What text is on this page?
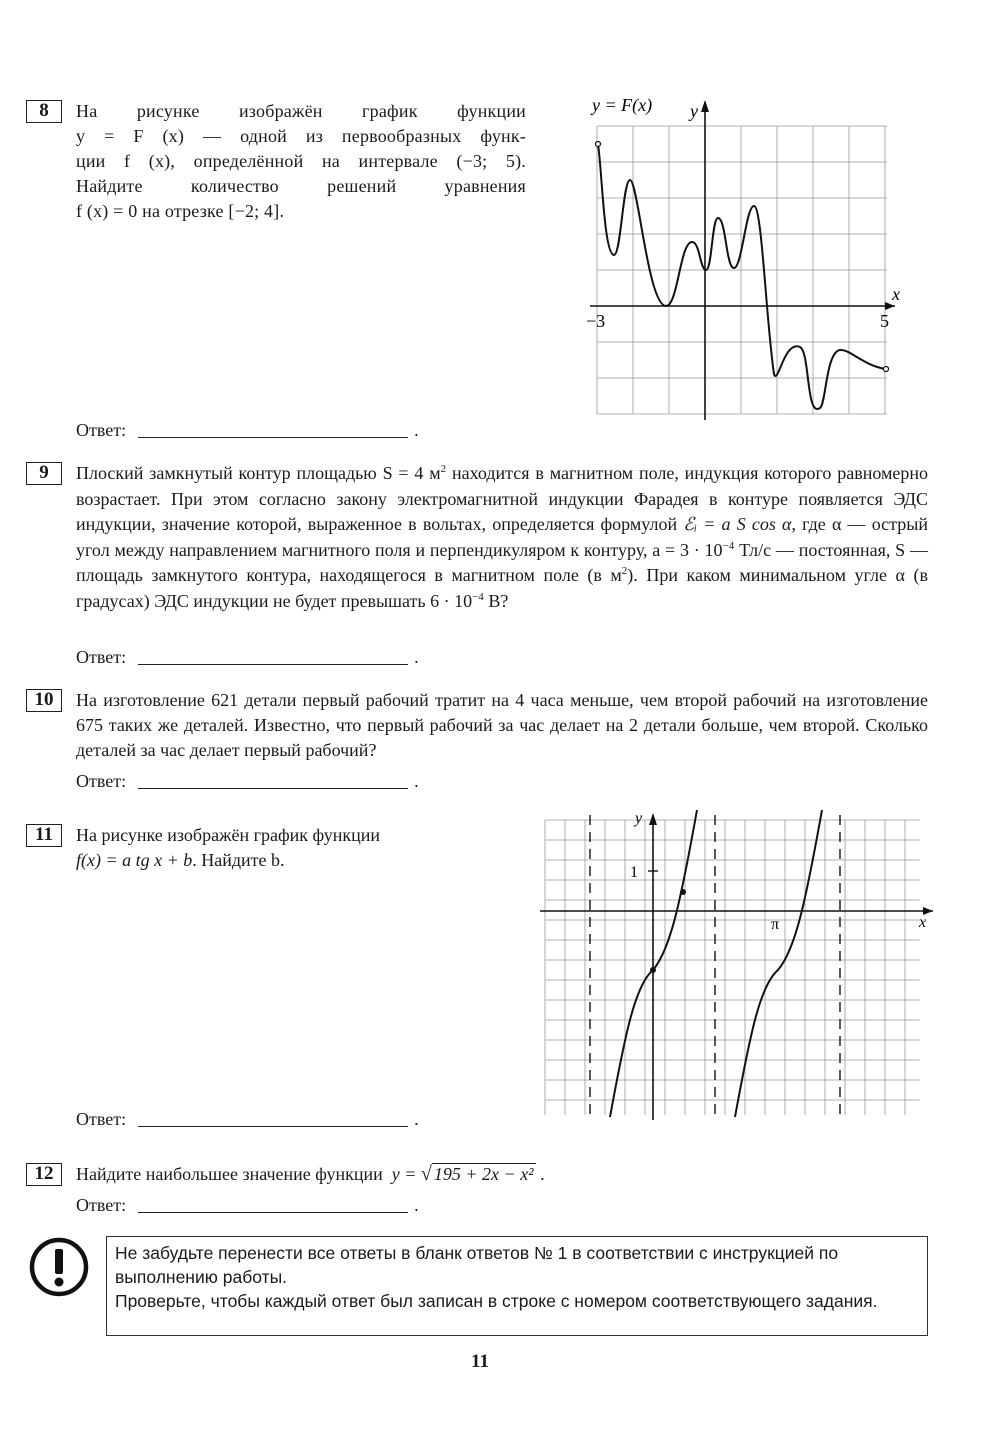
8	На рисунке изображён график функции

y = F (x) — одной из первообразных функ-

ции f (x), определённой на интервале (−3; 5).

Найдите количество решений уравнения

f (x) = 0 на отрезке [−2; 4].

y = F(x) y
x
−3	5
Ответ:	.
9	Плоский замкнутый контур площадью S = 4 $м^2$ находится в магнитном поле, индукция которого равномерно возрастает. При этом согласно закону электромагнитной индукции Фарадея в контуре появляется ЭДС индукции, значение которой, выраженное в вольтах, определяется формулой ℰᵢ = a S cos α, где α — острый угол между направлением магнитного поля и перпендикуляром к контуру, $a = 3 \cdot 10^{-4}$ Тл/с — постоянная, S — площадь замкнутого контура, находящегося в магнитном поле (в $м^2$). При каком минимальном угле α (в градусах) ЭДС индукции не будет превышать $6 \cdot 10^{-4}$ В?

Ответ:	.
10	На изготовление 621 детали первый рабочий тратит на 4 часа меньше, чем второй рабочий на изготовление 675 таких же деталей. Известно, что первый рабочий за час делает на 2 детали больше, чем второй. Сколько деталей за час делает первый рабочий?

Ответ:	.
11	На рисунке изображён график функции

f(x) = a tg x + b. Найдите b.

1
π
y
x
Ответ:	.
12	Найдите наибольшее значение функции y = √ 195 + 2x − x² .

Ответ:	.

Не забудьте перенести все ответы в бланк ответов № 1 в соответствии с инструкцией по выполнению работы.

Проверьте, чтобы каждый ответ был записан в строке с номером соответствующего задания.

11
